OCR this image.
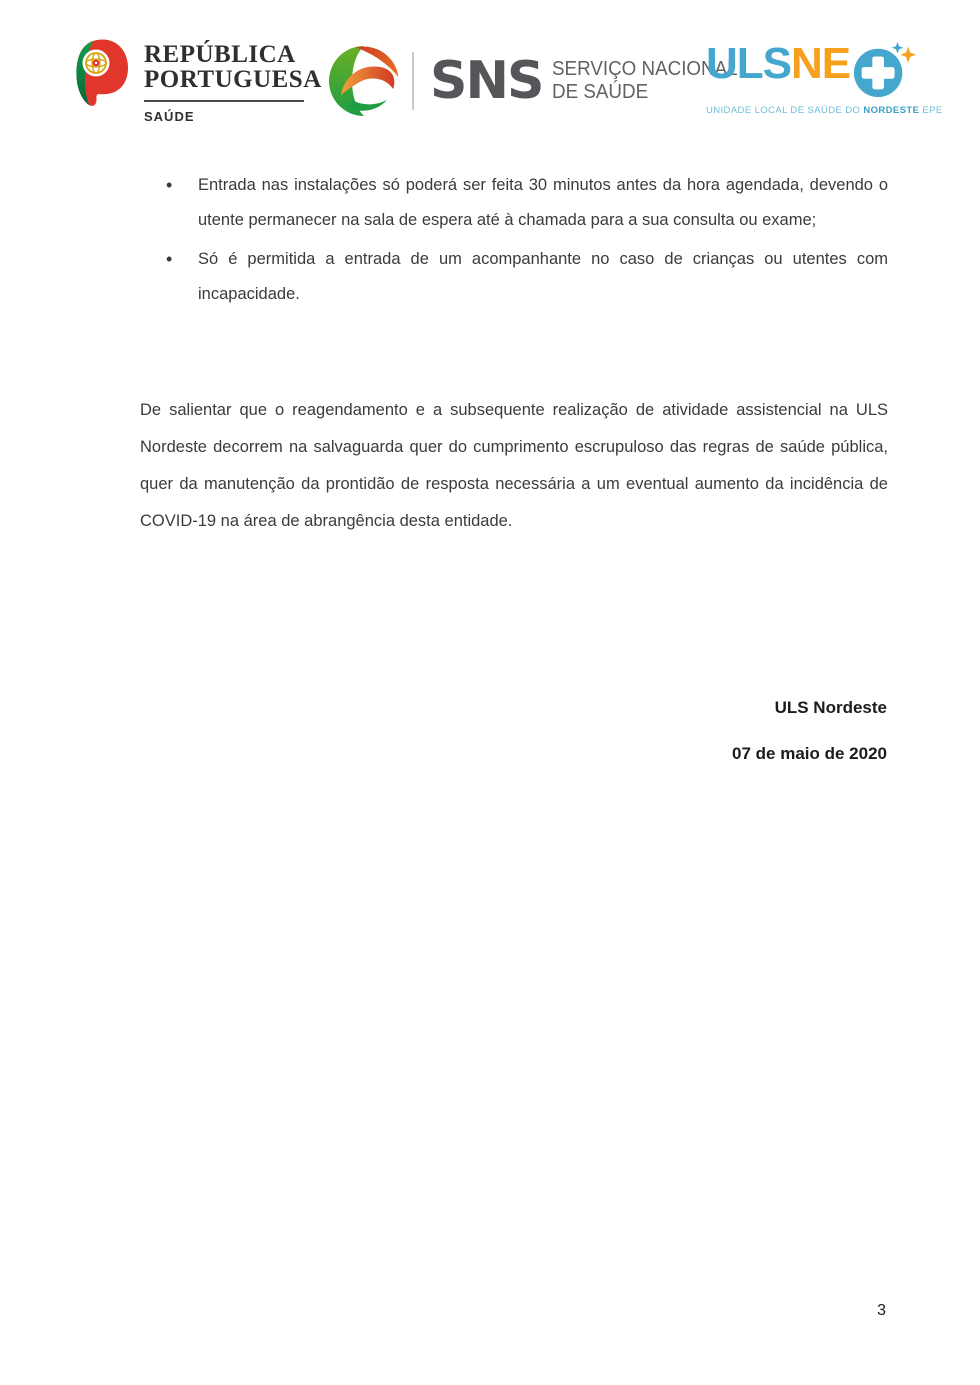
REPÚBLICA
PORTUGUESA
SAÚDE
SNS SERVIÇO NACIONAL
DE SAÚDE
ULSNE
UNIDADE LOCAL DE SAÚDE DO NORDESTE EPE
• Entrada nas instalações só poderá ser feita 30 minutos antes da hora agendada, devendo o utente permanecer na sala de espera até à chamada para a sua consulta ou exame;
• Só é permitida a entrada de um acompanhante no caso de crianças ou utentes com incapacidade.

De salientar que o reagendamento e a subsequente realização de atividade assistencial na ULS Nordeste decorrem na salvaguarda quer do cumprimento escrupuloso das regras de saúde pública, quer da manutenção da prontidão de resposta necessária a um eventual aumento da incidência de COVID-19 na área de abrangência desta entidade.

ULS Nordeste
07 de maio de 2020
3
